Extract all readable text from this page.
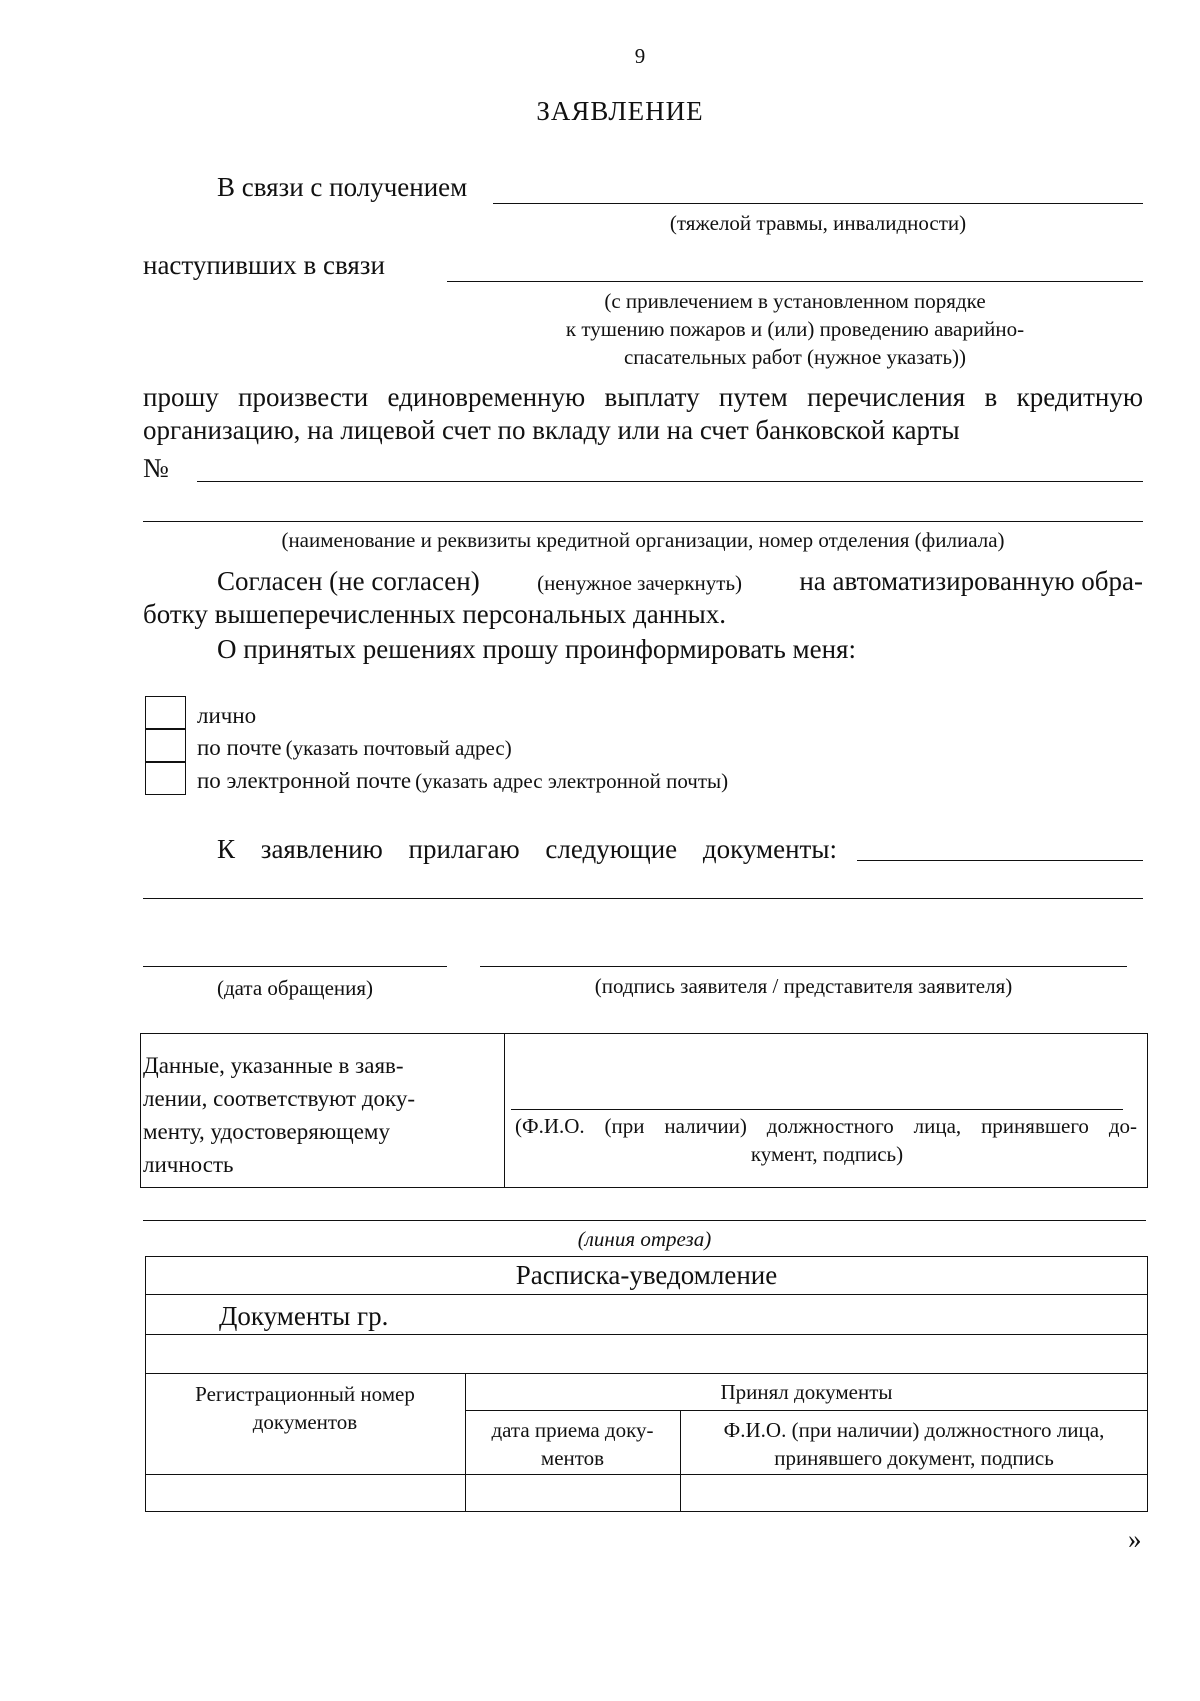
9
ЗАЯВЛЕНИЕ
В связи с получением
(тяжелой травмы, инвалидности)
наступивших в связи
(с привлечением в установленном порядке
к тушению пожаров и (или) проведению аварийно-
спасательных работ (нужное указать))
прошу произвести единовременную выплату путем перечисления в кредитную
организацию, на лицевой счет по вкладу или на счет банковской карты
№
(наименование и реквизиты кредитной организации, номер отделения (филиала)
Согласен (не согласен)	(ненужное зачеркнуть) на автоматизированную обра-
ботку вышеперечисленных персональных данных.
О принятых решениях прошу проинформировать меня:
лично
по почте (указать почтовый адрес)
по электронной почте (указать адрес электронной почты)
К заявлению прилагаю следующие документы:
(дата обращения)	(подпись заявителя / представителя заявителя)
Данные, указанные в заяв-
лении, соответствуют доку-
менту, удостоверяющему
личность
(Ф.И.О. (при наличии) должностного лица, принявшего до-
кумент, подпись)
(линия отреза)
Расписка-уведомление
Документы гр.
Регистрационный номер
документов
Принял документы
дата приема доку-
ментов
Ф.И.О. (при наличии) должностного лица,
принявшего документ, подпись
»
